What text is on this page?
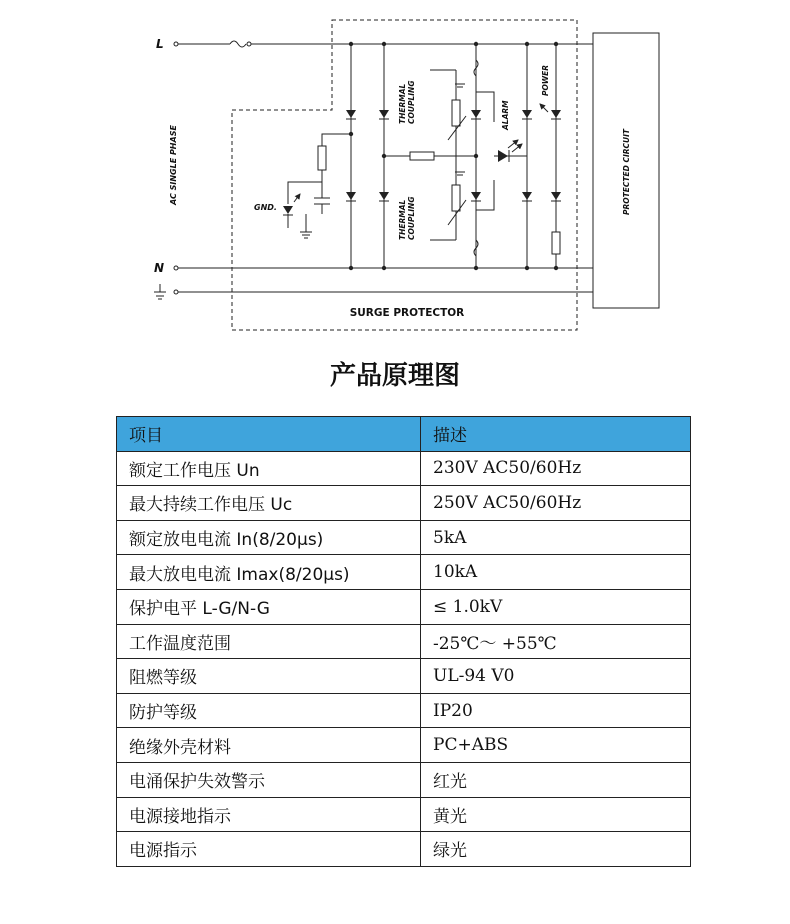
L
N
AC SINGLE PHASE
GND.
THERMAL COUPLING
THERMAL COUPLING
ALARM
POWER
PROTECTED CIRCUIT
SURGE PROTECTOR
产品原理图
项目	描述
额定工作电压 Un	230V AC50/60Hz
最大持续工作电压 Uc	250V AC50/60Hz
额定放电电流 In(8/20μs)	5kA
最大放电电流 Imax(8/20μs)	10kA
保护电平 L-G/N-G	≤ 1.0kV
工作温度范围	-25℃～ +55℃
阻燃等级	UL-94 V0
防护等级	IP20
绝缘外壳材料	PC+ABS
电涌保护失效警示	红光
电源接地指示	黄光
电源指示	绿光
